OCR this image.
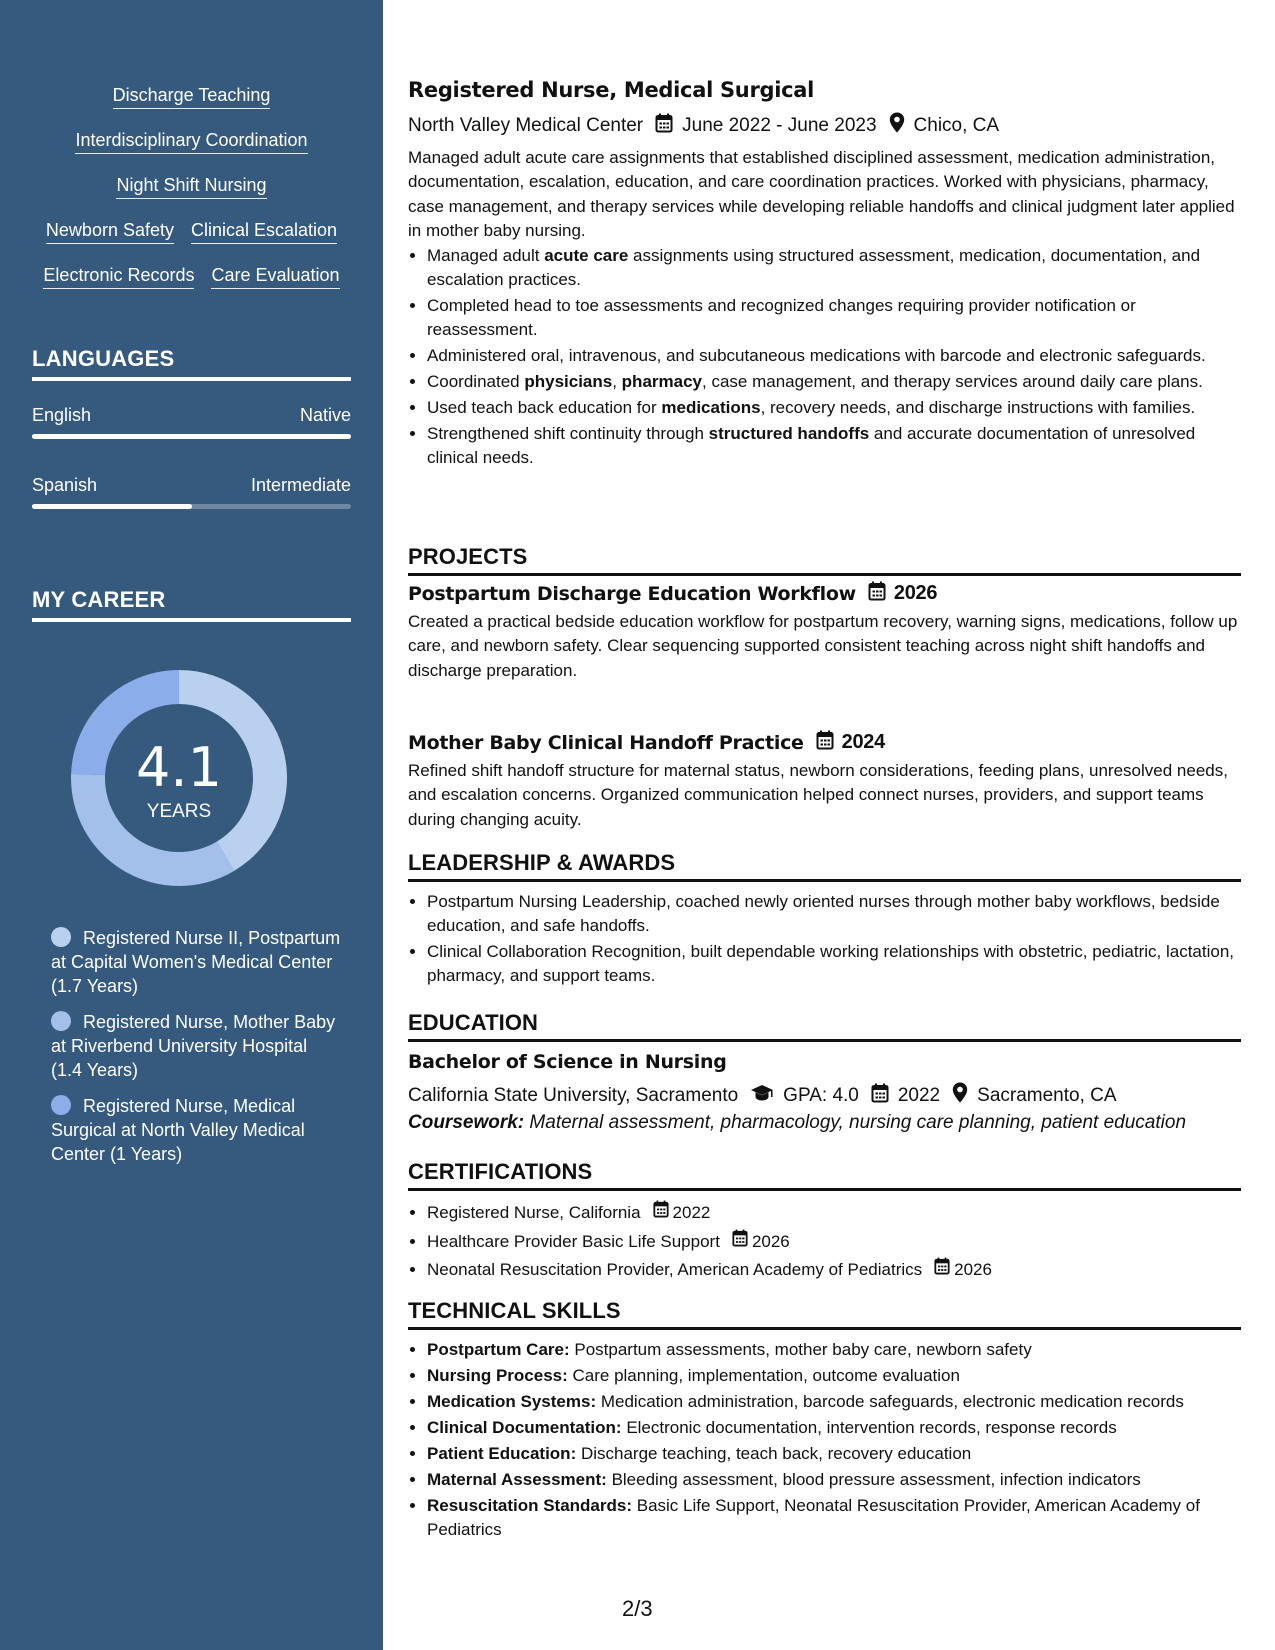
Discharge Teaching
Interdisciplinary Coordination
Night Shift Nursing
Newborn Safety Clinical Escalation
Electronic Records Care Evaluation
LANGUAGES
English	Native
Spanish	Intermediate
MY CAREER
4.1
YEARS
Registered Nurse II, Postpartum at Capital Women's Medical Center (1.7 Years)
Registered Nurse, Mother Baby at Riverbend University Hospital (1.4 Years)
Registered Nurse, Medical Surgical at North Valley Medical Center (1 Years)
Registered Nurse, Medical Surgical
North Valley Medical Center June 2022 - June 2023 Chico, CA
Managed adult acute care assignments that established disciplined assessment, medication administration, documentation, escalation, education, and care coordination practices. Worked with physicians, pharmacy, case management, and therapy services while developing reliable handoffs and clinical judgment later applied in mother baby nursing.
• Managed adult acute care assignments using structured assessment, medication, documentation, and escalation practices.
• Completed head to toe assessments and recognized changes requiring provider notification or reassessment.
• Administered oral, intravenous, and subcutaneous medications with barcode and electronic safeguards.
• Coordinated physicians, pharmacy, case management, and therapy services around daily care plans.
• Used teach back education for medications, recovery needs, and discharge instructions with families.
• Strengthened shift continuity through structured handoffs and accurate documentation of unresolved clinical needs.
PROJECTS
Postpartum Discharge Education Workflow 2026
Created a practical bedside education workflow for postpartum recovery, warning signs, medications, follow up care, and newborn safety. Clear sequencing supported consistent teaching across night shift handoffs and discharge preparation.
Mother Baby Clinical Handoff Practice 2024
Refined shift handoff structure for maternal status, newborn considerations, feeding plans, unresolved needs, and escalation concerns. Organized communication helped connect nurses, providers, and support teams during changing acuity.
LEADERSHIP & AWARDS
• Postpartum Nursing Leadership, coached newly oriented nurses through mother baby workflows, bedside education, and safe handoffs.
• Clinical Collaboration Recognition, built dependable working relationships with obstetric, pediatric, lactation, pharmacy, and support teams.
EDUCATION
Bachelor of Science in Nursing
California State University, Sacramento GPA: 4.0 2022 Sacramento, CA
Coursework: Maternal assessment, pharmacology, nursing care planning, patient education
CERTIFICATIONS
• Registered Nurse, California 2022
• Healthcare Provider Basic Life Support 2026
• Neonatal Resuscitation Provider, American Academy of Pediatrics 2026
TECHNICAL SKILLS
• Postpartum Care: Postpartum assessments, mother baby care, newborn safety
• Nursing Process: Care planning, implementation, outcome evaluation
• Medication Systems: Medication administration, barcode safeguards, electronic medication records
• Clinical Documentation: Electronic documentation, intervention records, response records
• Patient Education: Discharge teaching, teach back, recovery education
• Maternal Assessment: Bleeding assessment, blood pressure assessment, infection indicators
• Resuscitation Standards: Basic Life Support, Neonatal Resuscitation Provider, American Academy of Pediatrics
2/3
